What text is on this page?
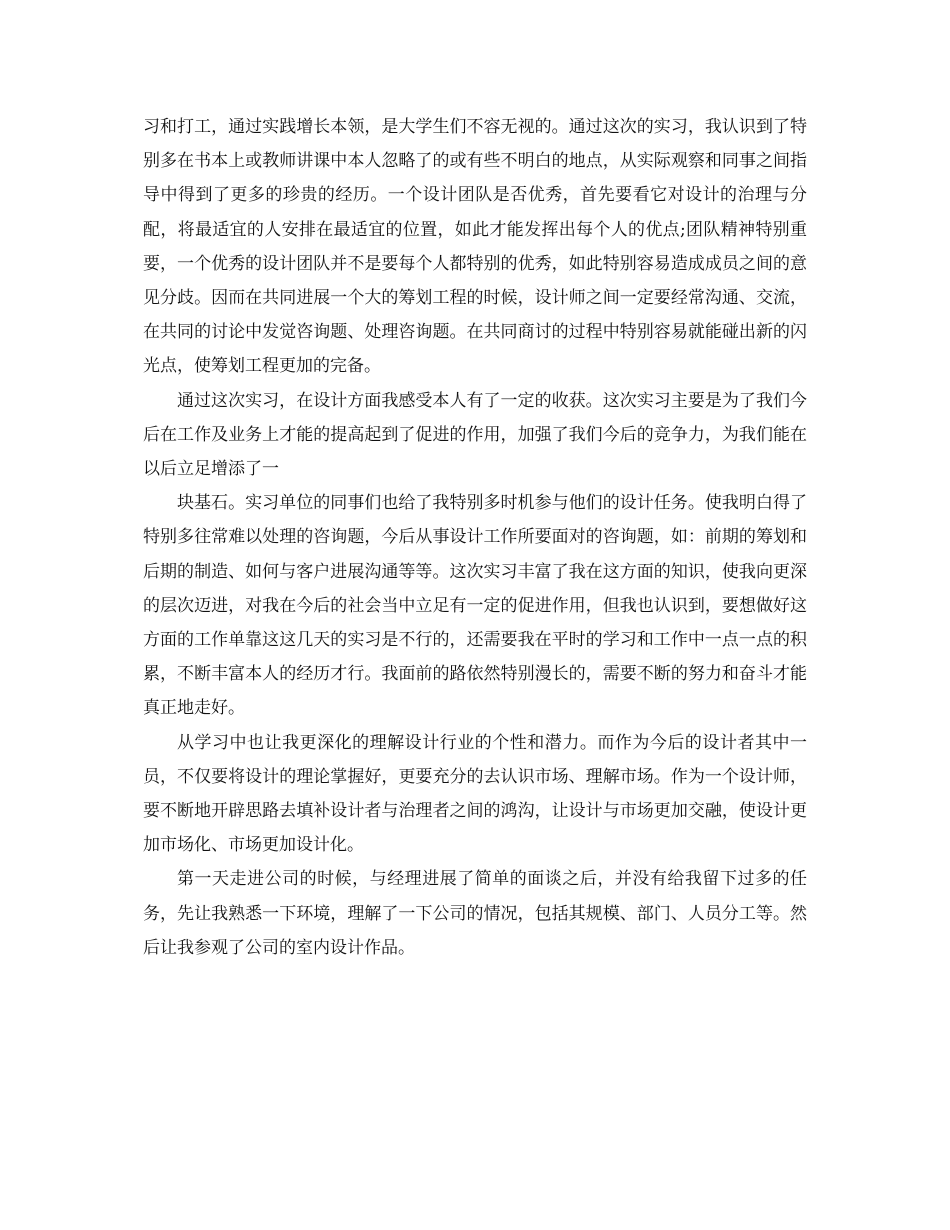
习和打工，通过实践增长本领，是大学生们不容无视的。通过这次的实习，我认识到了特别多在书本上或教师讲课中本人忽略了的或有些不明白的地点，从实际观察和同事之间指导中得到了更多的珍贵的经历。一个设计团队是否优秀，首先要看它对设计的治理与分配，将最适宜的人安排在最适宜的位置，如此才能发挥出每个人的优点;团队精神特别重要，一个优秀的设计团队并不是要每个人都特别的优秀，如此特别容易造成成员之间的意见分歧。因而在共同进展一个大的筹划工程的时候，设计师之间一定要经常沟通、交流，在共同的讨论中发觉咨询题、处理咨询题。在共同商讨的过程中特别容易就能碰出新的闪光点，使筹划工程更加的完备。

通过这次实习，在设计方面我感受本人有了一定的收获。这次实习主要是为了我们今后在工作及业务上才能的提高起到了促进的作用，加强了我们今后的竞争力，为我们能在以后立足增添了一

块基石。实习单位的同事们也给了我特别多时机参与他们的设计任务。使我明白得了特别多往常难以处理的咨询题，今后从事设计工作所要面对的咨询题，如：前期的筹划和后期的制造、如何与客户进展沟通等等。这次实习丰富了我在这方面的知识，使我向更深的层次迈进，对我在今后的社会当中立足有一定的促进作用，但我也认识到，要想做好这方面的工作单靠这这几天的实习是不行的，还需要我在平时的学习和工作中一点一点的积累，不断丰富本人的经历才行。我面前的路依然特别漫长的，需要不断的努力和奋斗才能真正地走好。

从学习中也让我更深化的理解设计行业的个性和潜力。而作为今后的设计者其中一员，不仅要将设计的理论掌握好，更要充分的去认识市场、理解市场。作为一个设计师，要不断地开辟思路去填补设计者与治理者之间的鸿沟，让设计与市场更加交融，使设计更加市场化、市场更加设计化。

第一天走进公司的时候，与经理进展了简单的面谈之后，并没有给我留下过多的任务，先让我熟悉一下环境，理解了一下公司的情况，包括其规模、部门、人员分工等。然后让我参观了公司的室内设计作品。
